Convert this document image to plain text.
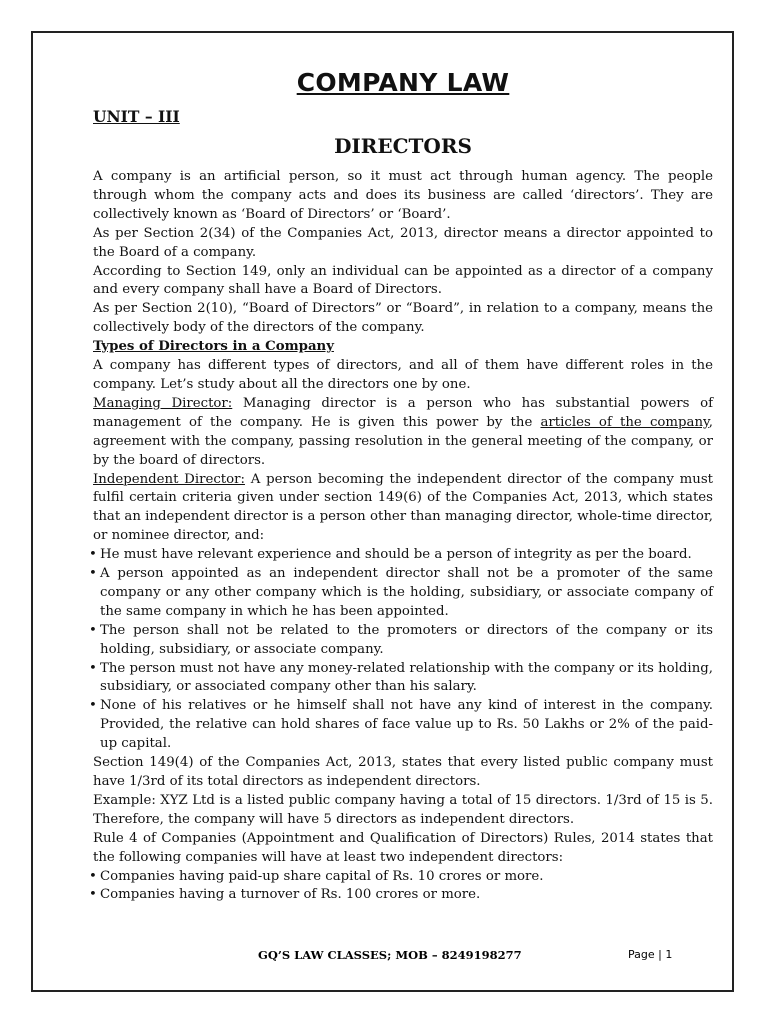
COMPANY LAW
UNIT – III
DIRECTORS

A company is an artificial person, so it must act through human agency. The people through whom the company acts and does its business are called ‘directors’. They are collectively known as ‘Board of Directors’ or ‘Board’.

As per Section 2(34) of the Companies Act, 2013, director means a director appointed to the Board of a company.

According to Section 149, only an individual can be appointed as a director of a company and every company shall have a Board of Directors.

As per Section 2(10), “Board of Directors” or “Board”, in relation to a company, means the collectively body of the directors of the company.

Types of Directors in a Company

A company has different types of directors, and all of them have different roles in the company. Let’s study about all the directors one by one.

Managing Director: Managing director is a person who has substantial powers of management of the company. He is given this power by the articles of the company, agreement with the company, passing resolution in the general meeting of the company, or by the board of directors.

Independent Director: A person becoming the independent director of the company must fulfil certain criteria given under section 149(6) of the Companies Act, 2013, which states that an independent director is a person other than managing director, whole-time director, or nominee director, and:

• He must have relevant experience and should be a person of integrity as per the board.
• A person appointed as an independent director shall not be a promoter of the same company or any other company which is the holding, subsidiary, or associate company of the same company in which he has been appointed.
• The person shall not be related to the promoters or directors of the company or its holding, subsidiary, or associate company.
• The person must not have any money-related relationship with the company or its holding, subsidiary, or associated company other than his salary.
• None of his relatives or he himself shall not have any kind of interest in the company. Provided, the relative can hold shares of face value up to Rs. 50 Lakhs or 2% of the paid-up capital.

Section 149(4) of the Companies Act, 2013, states that every listed public company must have 1/3rd of its total directors as independent directors.

Example: XYZ Ltd is a listed public company having a total of 15 directors. 1/3rd of 15 is 5. Therefore, the company will have 5 directors as independent directors.

Rule 4 of Companies (Appointment and Qualification of Directors) Rules, 2014 states that the following companies will have at least two independent directors:

• Companies having paid-up share capital of Rs. 10 crores or more.
• Companies having a turnover of Rs. 100 crores or more.
GQ’S LAW CLASSES; MOB – 8249198277	Page | 1
